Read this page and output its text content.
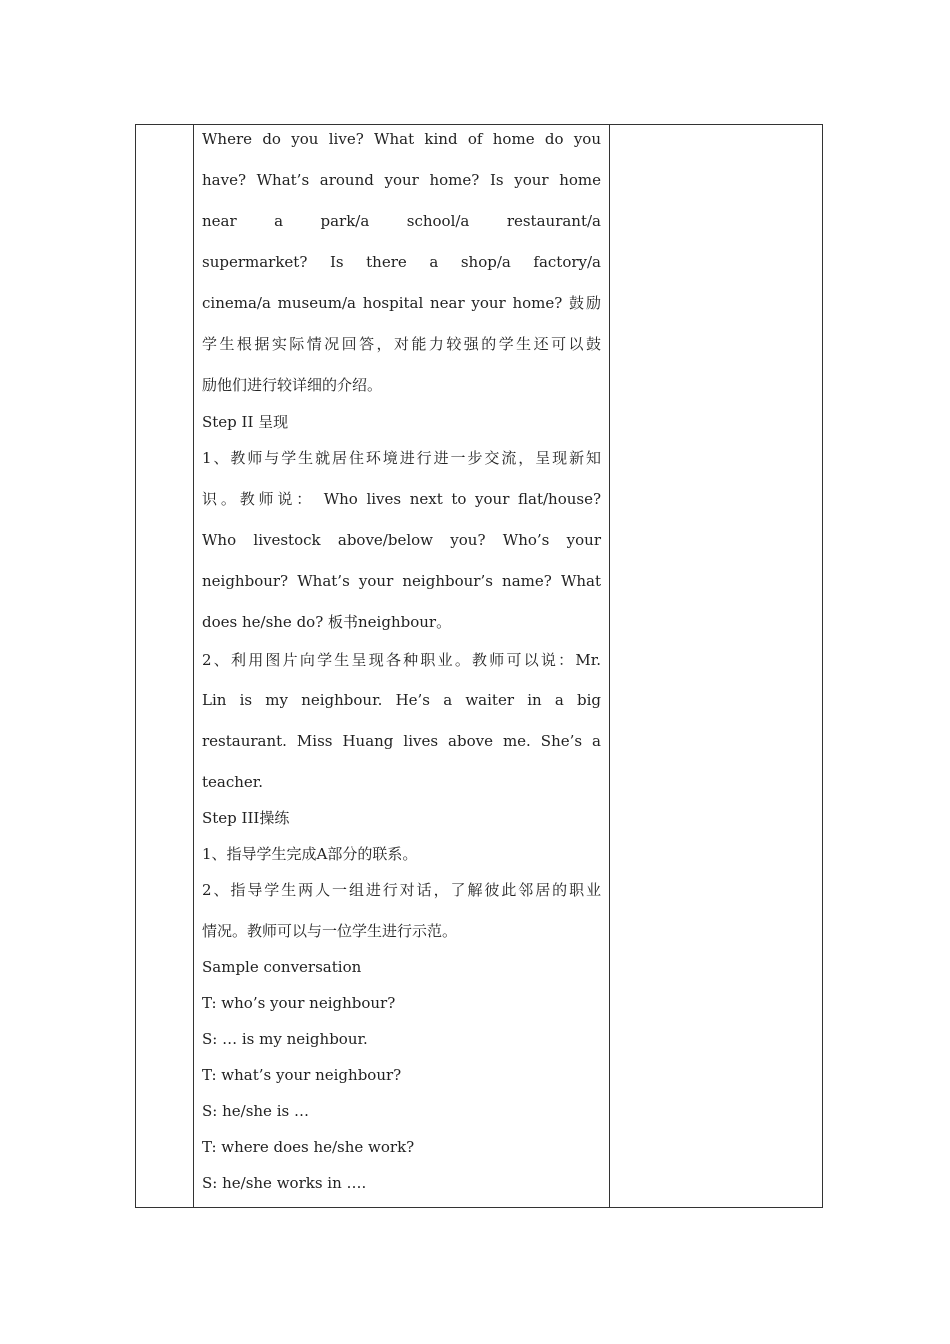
Where do you live? What kind of home do you
have? What’s around your home? Is your home
near a park/a school/a restaurant/a
supermarket? Is there a shop/a factory/a
cinema/a museum/a hospital near your home? 鼓励
学生根据实际情况回答，对能力较强的学生还可以鼓
励他们进行较详细的介绍。
Step II 呈现
1、教师与学生就居住环境进行进一步交流，呈现新知
识。教师说： Who lives next to your flat/house?
Who livestock above/below you? Who’s your
neighbour? What’s your neighbour’s name? What
does he/she do? 板书neighbour。
2、利用图片向学生呈现各种职业。教师可以说：Mr.
Lin is my neighbour. He’s a waiter in a big
restaurant. Miss Huang lives above me. She’s a
teacher.
Step III操练
1、指导学生完成A部分的联系。
2、指导学生两人一组进行对话，了解彼此邻居的职业
情况。教师可以与一位学生进行示范。
Sample conversation
T: who’s your neighbour?
S: … is my neighbour.
T: what’s your neighbour?
S: he/she is …
T: where does he/she work?
S: he/she works in ….
